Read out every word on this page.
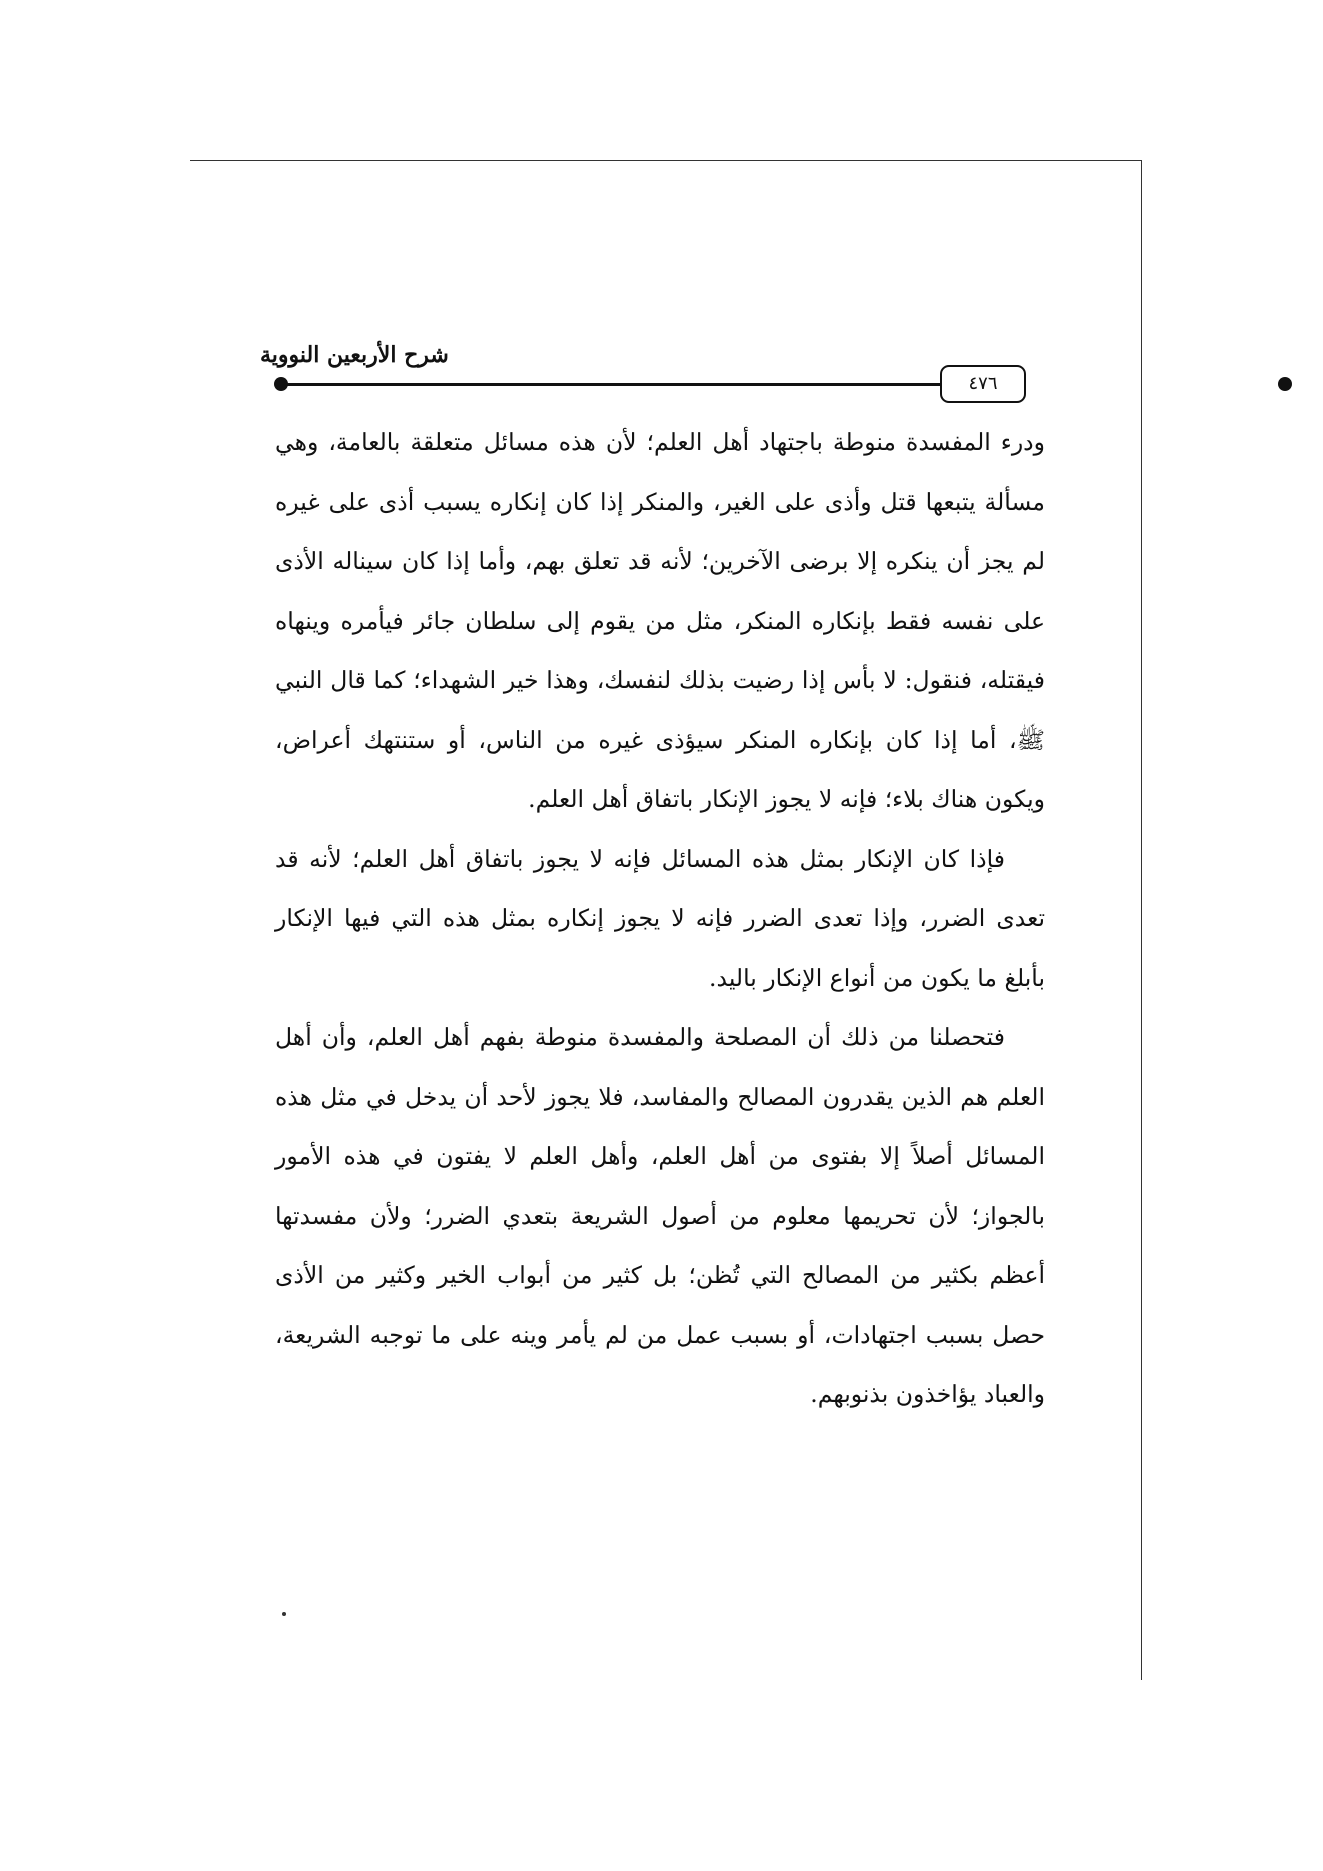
شرح الأربعين النووية
٤٧٦

ودرء المفسدة منوطة باجتهاد أهل العلم؛ لأن هذه مسائل متعلقة بالعامة، وهي مسألة يتبعها قتل وأذى على الغير، والمنكر إذا كان إنكاره يسبب أذى على غيره لم يجز أن ينكره إلا برضى الآخرين؛ لأنه قد تعلق بهم، وأما إذا كان سيناله الأذى على نفسه فقط بإنكاره المنكر، مثل من يقوم إلى سلطان جائر فيأمره وينهاه فيقتله، فنقول: لا بأس إذا رضيت بذلك لنفسك، وهذا خير الشهداء؛ كما قال النبي ﷺ، أما إذا كان بإنكاره المنكر سيؤذى غيره من الناس، أو ستنتهك أعراض، ويكون هناك بلاء؛ فإنه لا يجوز الإنكار باتفاق أهل العلم.

فإذا كان الإنكار بمثل هذه المسائل فإنه لا يجوز باتفاق أهل العلم؛ لأنه قد تعدى الضرر، وإذا تعدى الضرر فإنه لا يجوز إنكاره بمثل هذه التي فيها الإنكار بأبلغ ما يكون من أنواع الإنكار باليد.

فتحصلنا من ذلك أن المصلحة والمفسدة منوطة بفهم أهل العلم، وأن أهل العلم هم الذين يقدرون المصالح والمفاسد، فلا يجوز لأحد أن يدخل في مثل هذه المسائل أصلاً إلا بفتوى من أهل العلم، وأهل العلم لا يفتون في هذه الأمور بالجواز؛ لأن تحريمها معلوم من أصول الشريعة بتعدي الضرر؛ ولأن مفسدتها أعظم بكثير من المصالح التي تُظن؛ بل كثير من أبواب الخير وكثير من الأذى حصل بسبب اجتهادات، أو بسبب عمل من لم يأمر وينه على ما توجبه الشريعة، والعباد يؤاخذون بذنوبهم.
